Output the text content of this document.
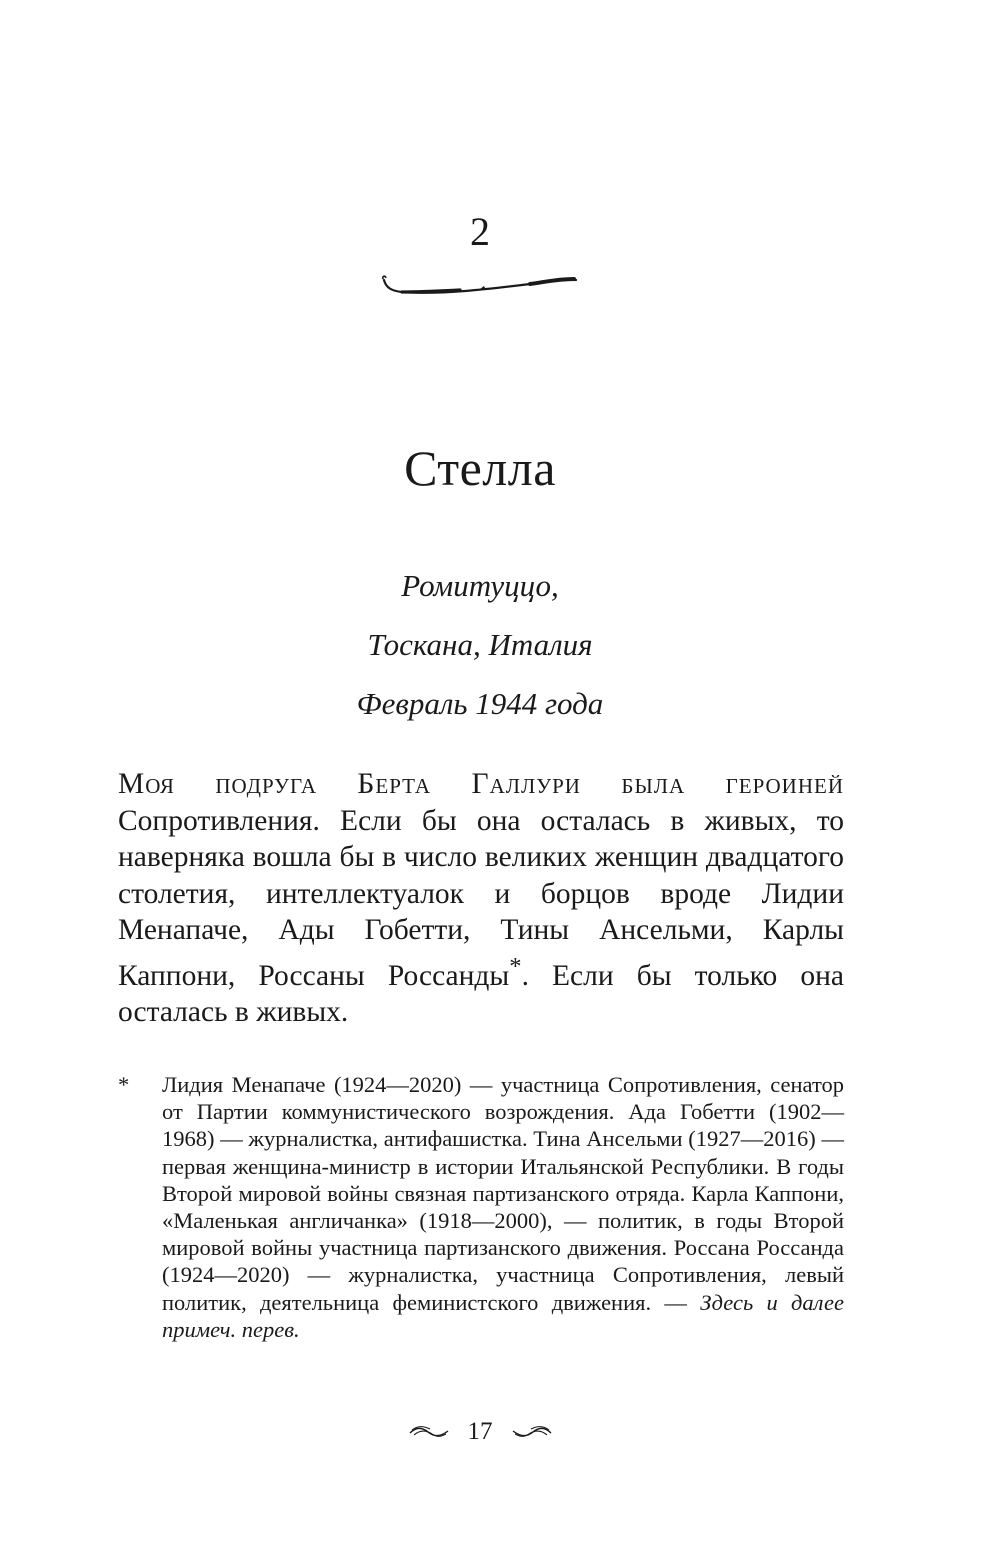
2
Стелла
Ромитуццо,
Тоскана, Италия
Февраль 1944 года
Моя подруга Берта Галлури была героиней Сопротивления. Если бы она осталась в живых, то наверняка вошла бы в число великих женщин двадцатого столетия, интеллектуалок и борцов вроде Лидии Менапаче, Ады Гобетти, Тины Ансельми, Карлы Каппони, Россаны Россанды*. Если бы только она осталась в живых.
* Лидия Менапаче (1924—2020) — участница Сопротивления, сенатор от Партии коммунистического возрождения. Ада Гобетти (1902—1968) — журналистка, антифашистка. Тина Ансельми (1927—2016) — первая женщина-министр в истории Итальянской Республики. В годы Второй мировой войны связная партизанского отряда. Карла Каппони, «Маленькая англичанка» (1918—2000), — политик, в годы Второй мировой войны участница партизанского движения. Россана Россанда (1924—2020) — журналистка, участница Сопротивления, левый политик, деятельница феминистского движения. — Здесь и далее примеч. перев.
17
